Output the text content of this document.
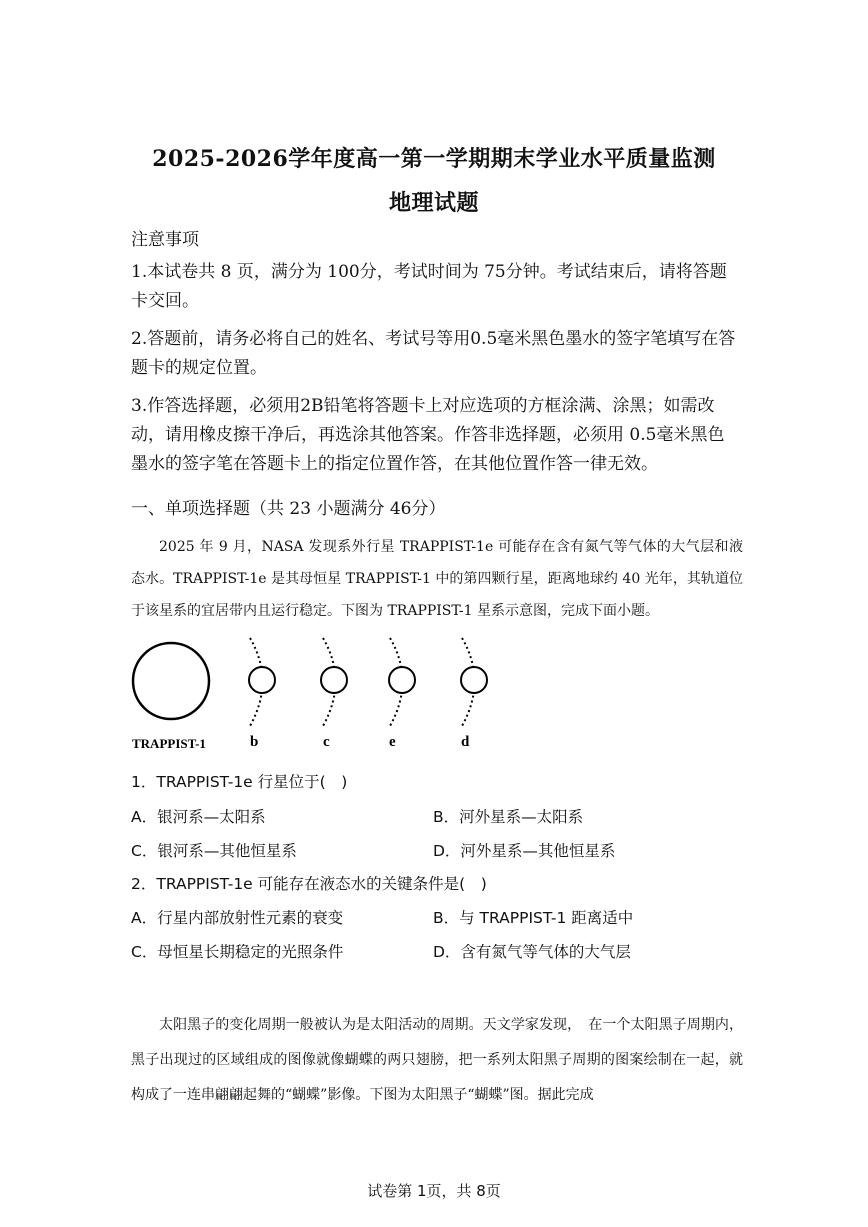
2025-2026学年度高一第一学期期末学业水平质量监测
地理试题
注意事项
1.本试卷共 8 页，满分为 100分，考试时间为 75分钟。考试结束后，请将答题卡交回。
2.答题前，请务必将自己的姓名、考试号等用0.5毫米黑色墨水的签字笔填写在答题卡的规定位置。
3.作答选择题，必须用2B铅笔将答题卡上对应选项的方框涂满、涂黑；如需改动，请用橡皮擦干净后，再选涂其他答案。作答非选择题，必须用 0.5毫米黑色墨水的签字笔在答题卡上的指定位置作答，在其他位置作答一律无效。
一、单项选择题（共 23 小题满分 46分）
2025 年 9 月，NASA 发现系外行星 TRAPPIST-1e 可能存在含有氮气等气体的大气层和液态水。TRAPPIST-1e 是其母恒星 TRAPPIST-1 中的第四颗行星，距离地球约 40 光年，其轨道位于该星系的宜居带内且运行稳定。下图为 TRAPPIST-1 星系示意图，完成下面小题。
TRAPPIST-1	b	c	e	d
1．TRAPPIST-1e 行星位于(　)
A．银河系—太阳系	B．河外星系—太阳系
C．银河系—其他恒星系	D．河外星系—其他恒星系
2．TRAPPIST-1e 可能存在液态水的关键条件是(　)
A．行星内部放射性元素的衰变	B．与 TRAPPIST-1 距离适中
C．母恒星长期稳定的光照条件	D．含有氮气等气体的大气层
太阳黑子的变化周期一般被认为是太阳活动的周期。天文学家发现，　在一个太阳黑子周期内，黑子出现过的区域组成的图像就像蝴蝶的两只翅膀，把一系列太阳黑子周期的图案绘制在一起，就构成了一连串翩翩起舞的“蝴蝶”影像。下图为太阳黑子“蝴蝶”图。据此完成
试卷第 1页，共 8页
